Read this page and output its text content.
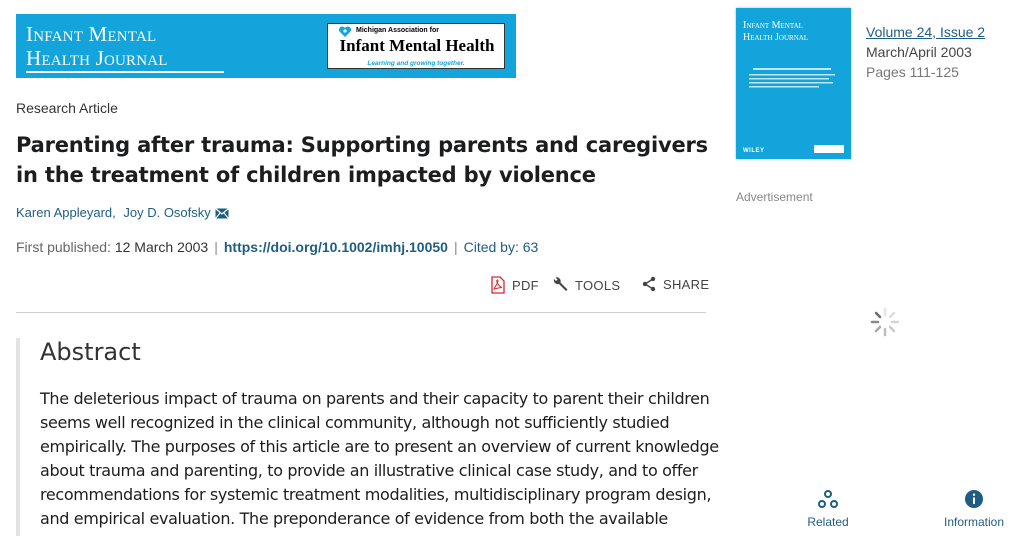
Infant Mental
Health Journal
Michigan Association for
Infant Mental Health
Learning and growing together.
Research Article
Parenting after trauma: Supporting parents and caregivers in the treatment of children impacted by violence
Karen Appleyard, Joy D. Osofsky
First published: 12 March 2003 | https://doi.org/10.1002/imhj.10050 | Cited by: 63
PDF	TOOLS	SHARE
Abstract
The deleterious impact of trauma on parents and their capacity to parent their children
seems well recognized in the clinical community, although not sufficiently studied
empirically. The purposes of this article are to present an overview of current knowledge
about trauma and parenting, to provide an illustrative clinical case study, and to offer
recommendations for systemic treatment modalities, multidisciplinary program design,
and empirical evaluation. The preponderance of evidence from both the available
Infant Mental
Health Journal
WILEY
Volume 24, Issue 2
March/April 2003
Pages 111-125
Advertisement
Related	Information
